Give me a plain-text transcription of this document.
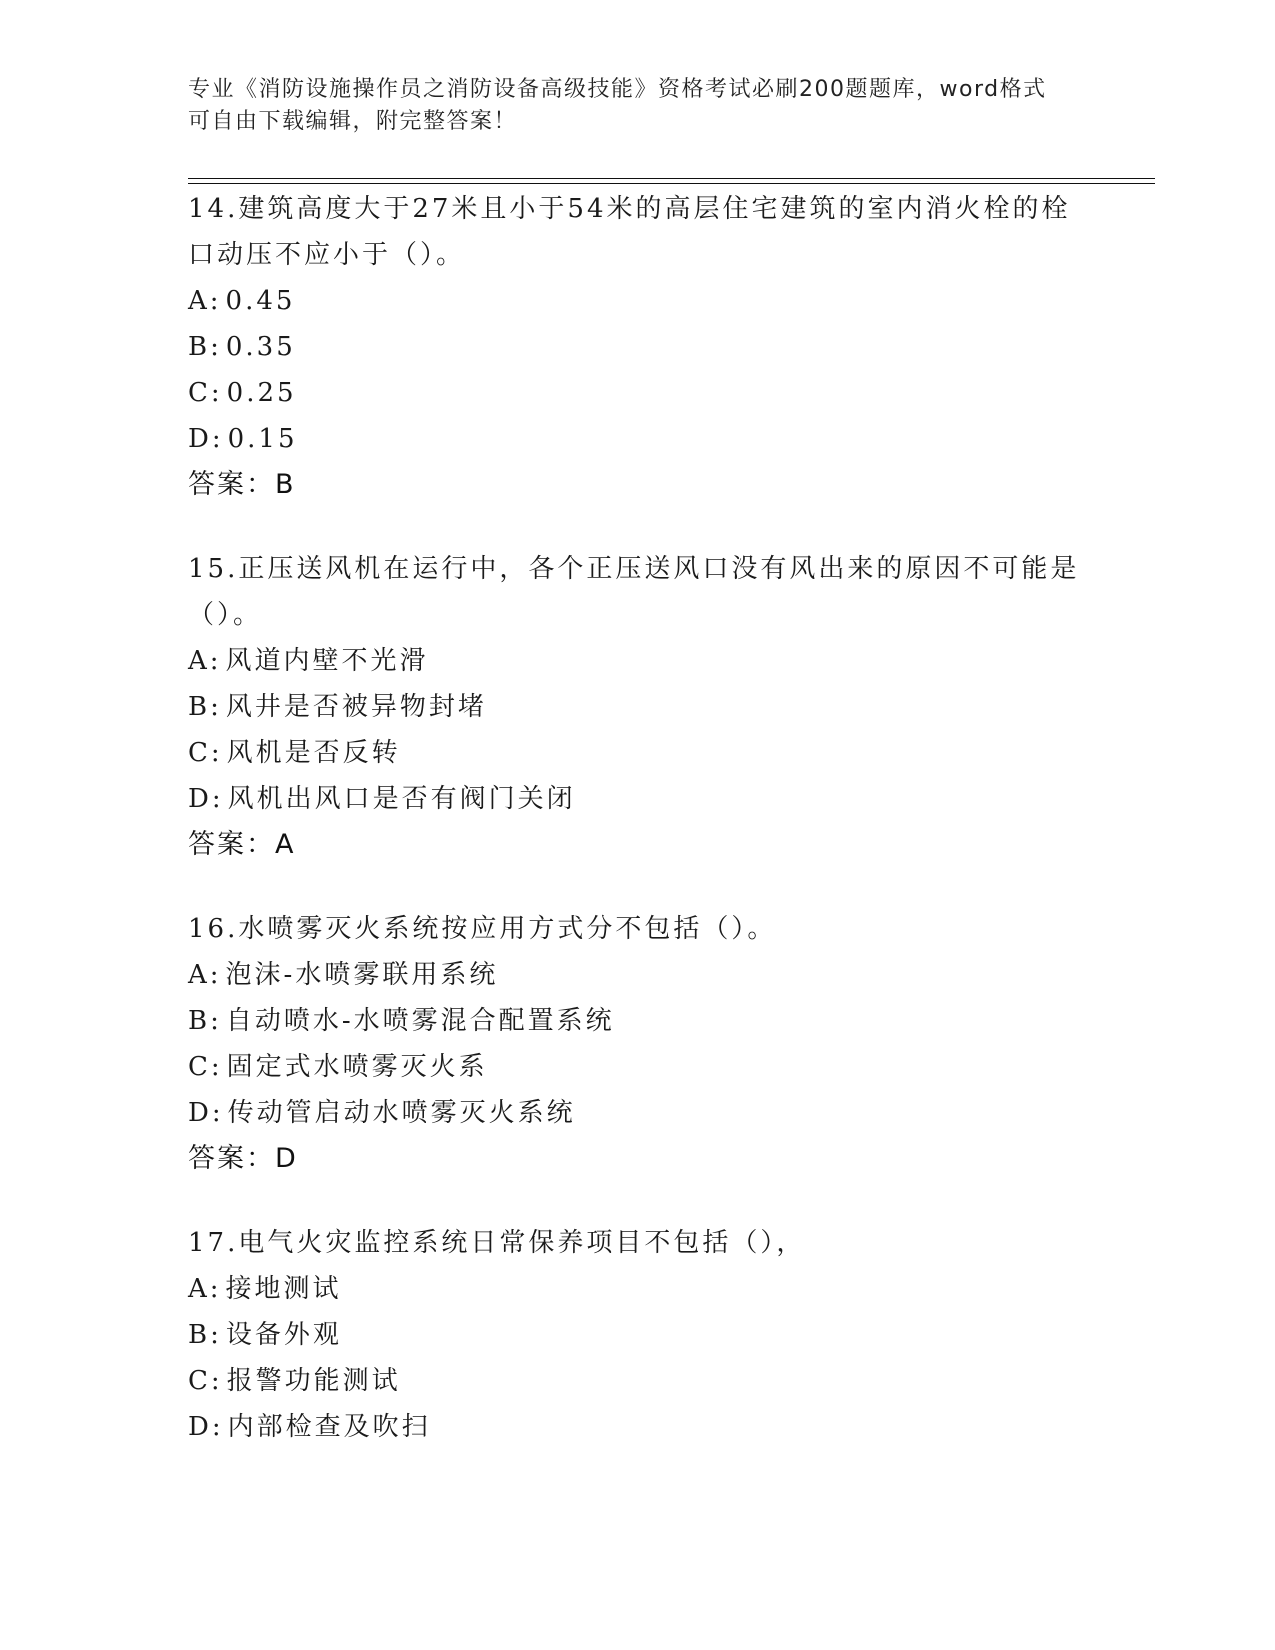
专业《消防设施操作员之消防设备高级技能》资格考试必刷200题题库，word格式可自由下载编辑，附完整答案！

14.建筑高度大于27米且小于54米的高层住宅建筑的室内消火栓的栓口动压不应小于（）。

A: 0.45

B: 0.35

C: 0.25

D: 0.15

答案：B

15.正压送风机在运行中，各个正压送风口没有风出来的原因不可能是（）。

A: 风道内壁不光滑

B: 风井是否被异物封堵

C: 风机是否反转

D: 风机出风口是否有阀门关闭

答案：A

16.水喷雾灭火系统按应用方式分不包括（）。

A: 泡沫-水喷雾联用系统

B: 自动喷水-水喷雾混合配置系统

C: 固定式水喷雾灭火系

D: 传动管启动水喷雾灭火系统

答案：D

17.电气火灾监控系统日常保养项目不包括（），

A: 接地测试

B: 设备外观

C: 报警功能测试

D: 内部检查及吹扫
